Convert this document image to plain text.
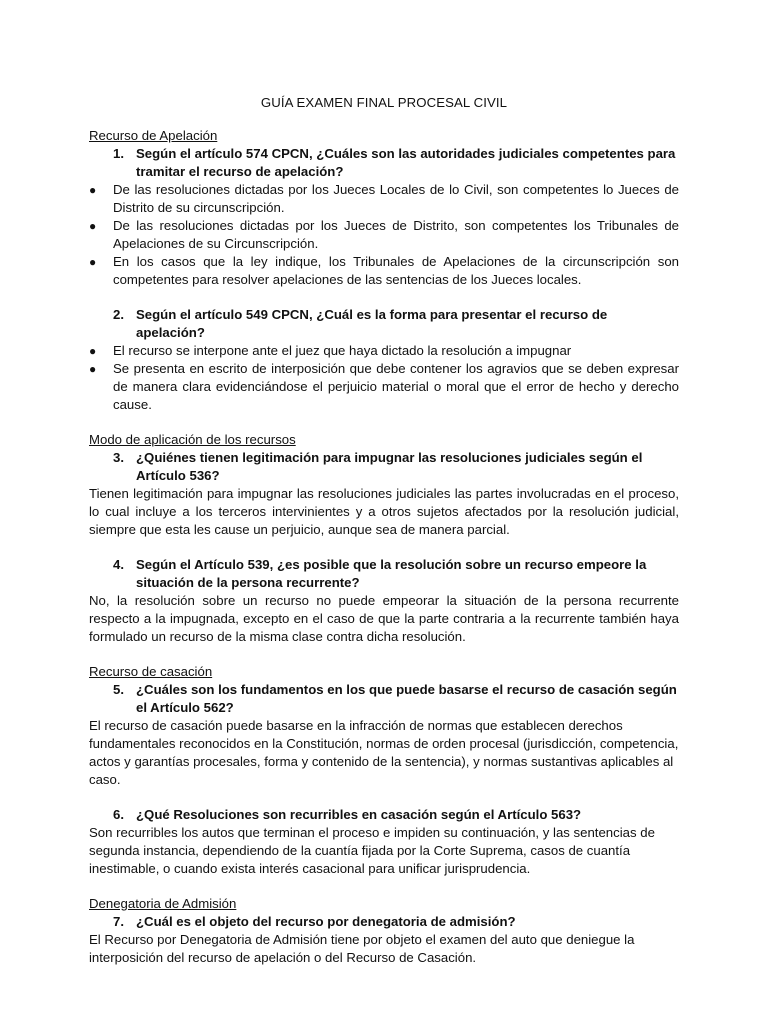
GUÍA EXAMEN FINAL PROCESAL CIVIL

Recurso de Apelación

1. Según el artículo 574 CPCN, ¿Cuáles son las autoridades judiciales competentes para tramitar el recurso de apelación?
●	De las resoluciones dictadas por los Jueces Locales de lo Civil, son competentes lo Jueces de Distrito de su circunscripción.
●	De las resoluciones dictadas por los Jueces de Distrito, son competentes los Tribunales de Apelaciones de su Circunscripción.
●	En los casos que la ley indique, los Tribunales de Apelaciones de la circunscripción son competentes para resolver apelaciones de las sentencias de los Jueces locales.
2. Según el artículo 549 CPCN, ¿Cuál es la forma para presentar el recurso de apelación?
●	El recurso se interpone ante el juez que haya dictado la resolución a impugnar
●	Se presenta en escrito de interposición que debe contener los agravios que se deben expresar de manera clara evidenciándose el perjuicio material o moral que el error de hecho y derecho cause.

Modo de aplicación de los recursos

3. ¿Quiénes tienen legitimación para impugnar las resoluciones judiciales según el Artículo 536?

Tienen legitimación para impugnar las resoluciones judiciales las partes involucradas en el proceso, lo cual incluye a los terceros intervinientes y a otros sujetos afectados por la resolución judicial, siempre que esta les cause un perjuicio, aunque sea de manera parcial.

4. Según el Artículo 539, ¿es posible que la resolución sobre un recurso empeore la situación de la persona recurrente?

No, la resolución sobre un recurso no puede empeorar la situación de la persona recurrente respecto a la impugnada, excepto en el caso de que la parte contraria a la recurrente también haya formulado un recurso de la misma clase contra dicha resolución.

Recurso de casación

5. ¿Cuáles son los fundamentos en los que puede basarse el recurso de casación según el Artículo 562?

El recurso de casación puede basarse en la infracción de normas que establecen derechos fundamentales reconocidos en la Constitución, normas de orden procesal (jurisdicción, competencia, actos y garantías procesales, forma y contenido de la sentencia), y normas sustantivas aplicables al caso.

6. ¿Qué Resoluciones son recurribles en casación según el Artículo 563?

Son recurribles los autos que terminan el proceso e impiden su continuación, y las sentencias de segunda instancia, dependiendo de la cuantía fijada por la Corte Suprema, casos de cuantía inestimable, o cuando exista interés casacional para unificar jurisprudencia.

Denegatoria de Admisión

7. ¿Cuál es el objeto del recurso por denegatoria de admisión?

El Recurso por Denegatoria de Admisión tiene por objeto el examen del auto que deniegue la interposición del recurso de apelación o del Recurso de Casación.
